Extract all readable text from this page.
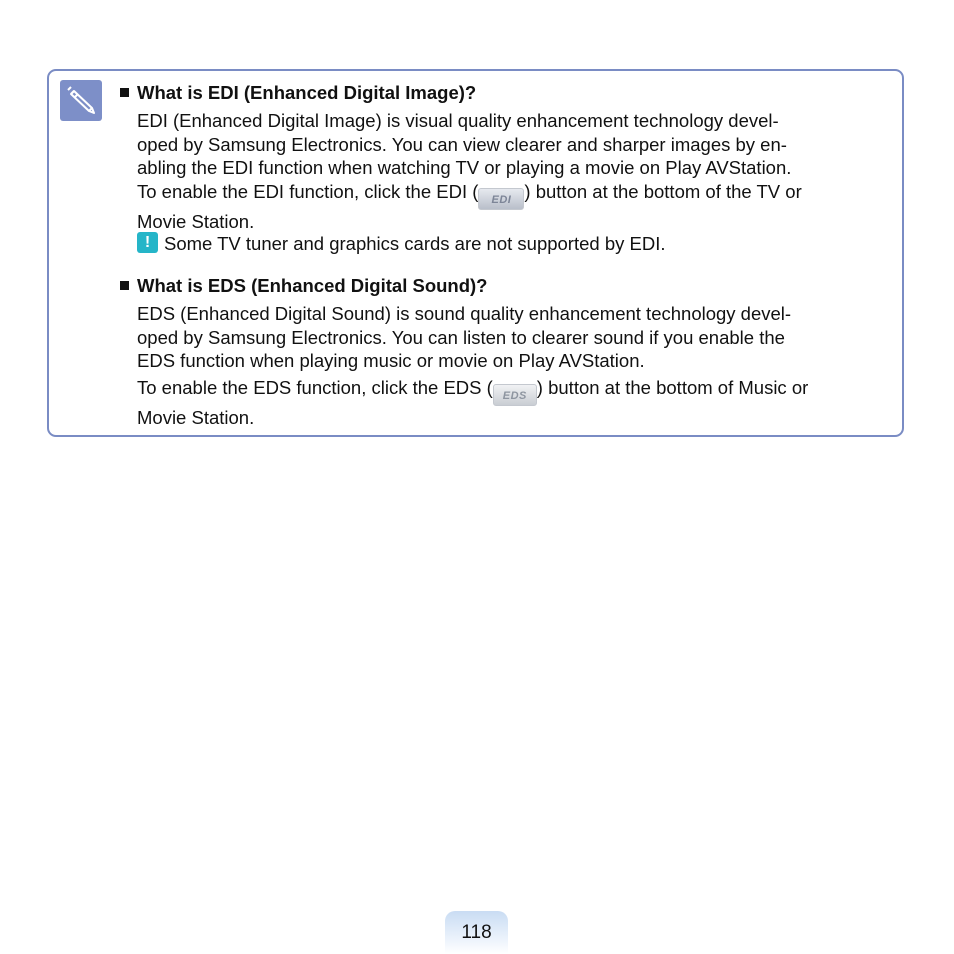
What is EDI (Enhanced Digital Image)?
EDI (Enhanced Digital Image) is visual quality enhancement technology devel-
oped by Samsung Electronics. You can view clearer and sharper images by en-
abling the EDI function when watching TV or playing a movie on Play AVStation.
To enable the EDI function, click the EDI ( EDI ) button at the bottom of the TV or
Movie Station.
!Some TV tuner and graphics cards are not supported by EDI.
What is EDS (Enhanced Digital Sound)?
EDS (Enhanced Digital Sound) is sound quality enhancement technology devel-
oped by Samsung Electronics. You can listen to clearer sound if you enable the
EDS function when playing music or movie on Play AVStation.
To enable the EDS function, click the EDS ( EDS ) button at the bottom of Music or
Movie Station.
118
